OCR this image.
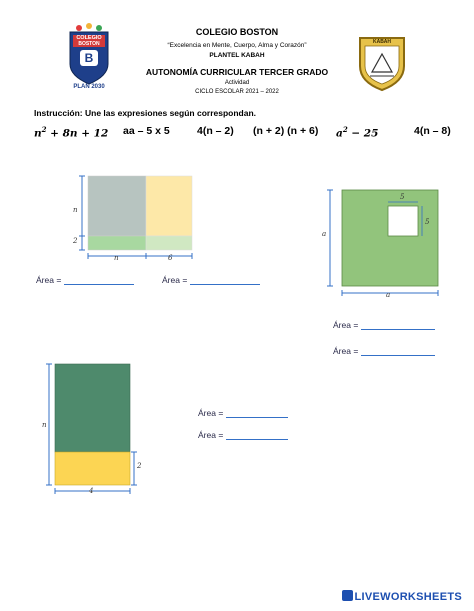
COLEGIO
BOSTON
B
PLAN 2030
KABAH
COLEGIO BOSTON
“Excelencia en Mente, Cuerpo, Alma y Corazón”
PLANTEL KABAH
AUTONOMÍA CURRICULAR TERCER GRADO
Actividad
CICLO ESCOLAR 2021 – 2022
Instrucción: Une las expresiones según correspondan.
$n^2 + 8n + 12$ aa – 5 x 5	4(n – 2) (n + 2) (n + 6) $a^2 - 25$	4(n – 8)
n
2
n	6
Área =	Área =
a
a
5
5
Área =
Área =
n
2
4
Área =
Área =
LIVEWORKSHEETS
